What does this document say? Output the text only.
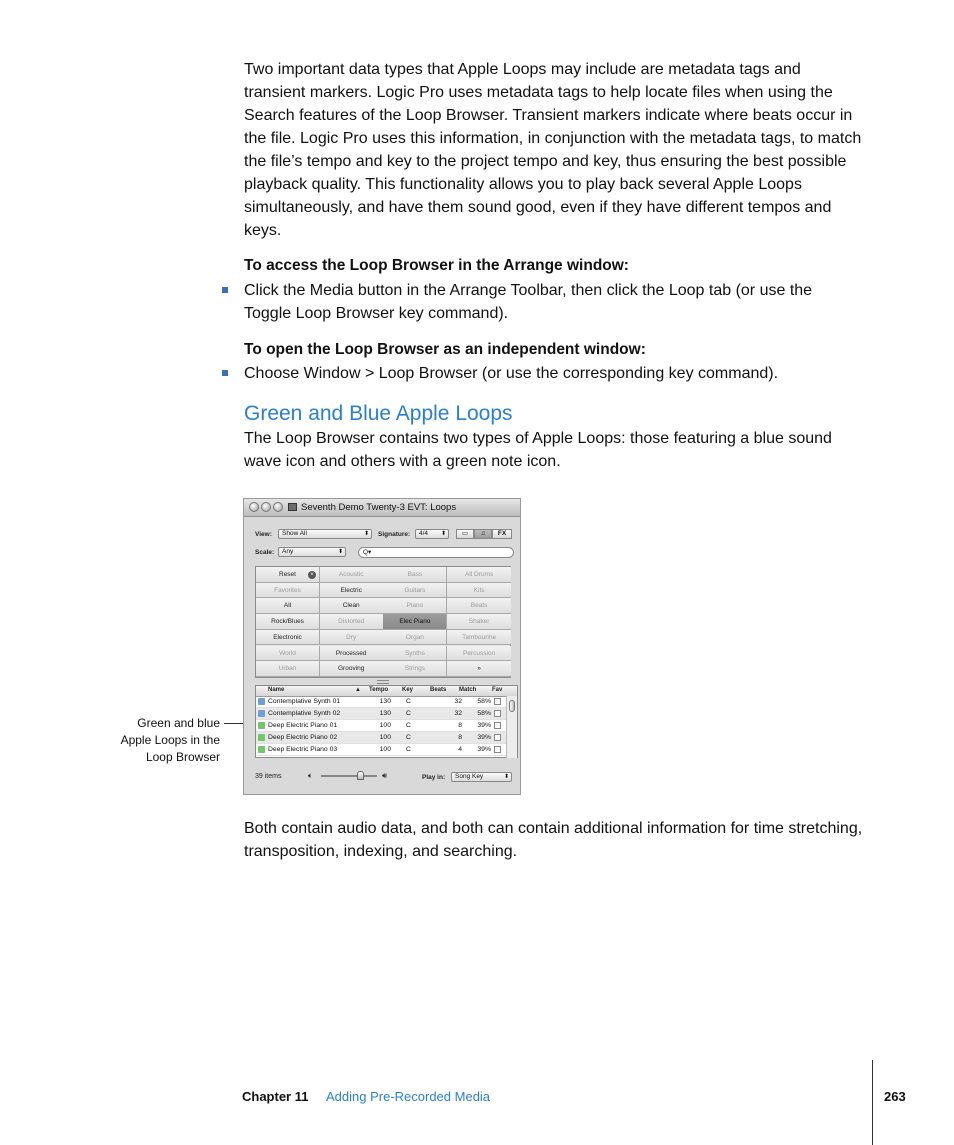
Two important data types that Apple Loops may include are metadata tags and transient markers. Logic Pro uses metadata tags to help locate files when using the Search features of the Loop Browser. Transient markers indicate where beats occur in the file. Logic Pro uses this information, in conjunction with the metadata tags, to match the file’s tempo and key to the project tempo and key, thus ensuring the best possible playback quality. This functionality allows you to play back several Apple Loops simultaneously, and have them sound good, even if they have different tempos and keys.

To access the Loop Browser in the Arrange window:

Click the Media button in the Arrange Toolbar, then click the Loop tab (or use the Toggle Loop Browser key command).

To open the Loop Browser as an independent window:

Choose Window > Loop Browser (or use the corresponding key command).
Green and Blue Apple Loops

The Loop Browser contains two types of Apple Loops: those featuring a blue sound wave icon and others with a green note icon.

Green and blue Apple Loops in the Loop Browser
Seventh Demo Twenty-3 EVT: Loops
View:	Show All	⬍ Signature:	4/4 ⬍	▭	♫	FX
Scale:	Any	⬍	Q▾
Reset	×	Acoustic	Bass	All Drums
Favorites	Electric	Guitars	Kits
All	Clean	Piano	Beats
Rock/Blues	Distorted	Elec Piano	Shaker
Electronic	Dry	Organ	Tambourine
World	Processed	Synths	Percussion
Urban	Grooving	Strings	»
Name	Tempo Key	Beats Match	Fav
▲
Contemplative Synth 01	130 C	32	58%
Contemplative Synth 02	130 C	32	58%
Deep Electric Piano 01	100 C	8	39%
Deep Electric Piano 02	100 C	8	39%
Deep Electric Piano 03	100 C	4	39%
39 items	🔈︎	🔊︎	Play in:	Song Key	⬍

Both contain audio data, and both can contain additional information for time stretching, transposition, indexing, and searching.

Chapter 11 Adding Pre-Recorded Media	263
